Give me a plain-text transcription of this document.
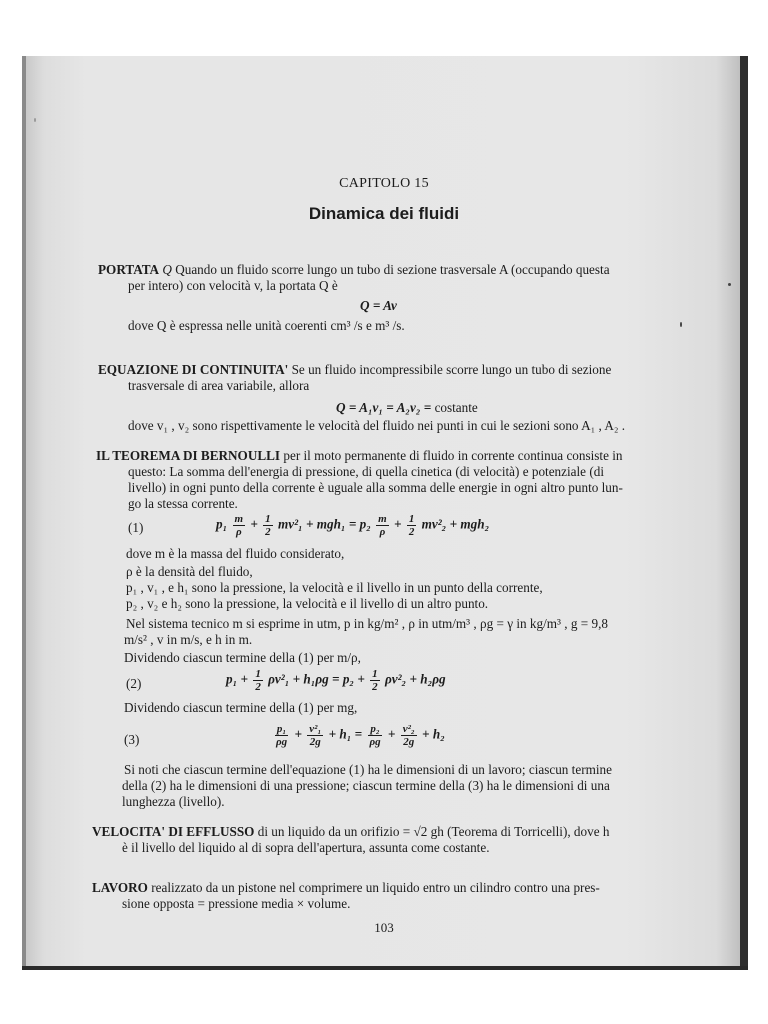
CAPITOLO 15
Dinamica dei fluidi
PORTATA Q Quando un fluido scorre lungo un tubo di sezione trasversale A (occupando questa
per intero) con velocità v, la portata Q è
Q = Av
dove Q è espressa nelle unità coerenti cm³ /s e m³ /s.
EQUAZIONE DI CONTINUITA' Se un fluido incompressibile scorre lungo un tubo di sezione
trasversale di area variabile, allora
Q = A₁v₁ = A₂v₂ = costante
dove v₁ , v₂ sono rispettivamente le velocità del fluido nei punti in cui le sezioni sono A₁ , A₂ .
IL TEOREMA DI BERNOULLI per il moto permanente di fluido in corrente continua consiste in
questo: La somma dell'energia di pressione, di quella cinetica (di velocità) e potenziale (di
livello) in ogni punto della corrente è uguale alla somma delle energie in ogni altro punto lun-
go la stessa corrente.
(1)	$p_1 \frac{m}{\rho} + \frac{1}{2} mv^2_1 + mgh_1 = p_2 \frac{m}{\rho} + \frac{1}{2} mv^2_2 + mgh_2$
dove m è la massa del fluido considerato,
ρ è la densità del fluido,
p₁ , v₁ , e h₁ sono la pressione, la velocità e il livello in un punto della corrente,
p₂ , v₂ e h₂ sono la pressione, la velocità e il livello di un altro punto.
Nel sistema tecnico m si esprime in utm, p in kg/m² , ρ in utm/m³ , ρg = γ in kg/m³ , g = 9,8
m/s² , v in m/s, e h in m.
Dividendo ciascun termine della (1) per m/ρ,
(2)	$p_1 + \frac{1}{2} \rho v^2_1 + h_1\rho g = p_2 + \frac{1}{2} \rho v^2_2 + h_2\rho g$
Dividendo ciascun termine della (1) per mg,
(3)	$\frac{\text{p₁}}{\rho g} + \frac{\text{v²₁}}{2g} + h_1 = \frac{\text{p₂}}{\rho g} + \frac{\text{v²₂}}{2g} + h_2$
Si noti che ciascun termine dell'equazione (1) ha le dimensioni di un lavoro; ciascun termine
della (2) ha le dimensioni di una pressione; ciascun termine della (3) ha le dimensioni di una
lunghezza (livello).
VELOCITA' DI EFFLUSSO di un liquido da un orifizio = √2 gh (Teorema di Torricelli), dove h
è il livello del liquido al di sopra dell'apertura, assunta come costante.
LAVORO realizzato da un pistone nel comprimere un liquido entro un cilindro contro una pres-
sione opposta = pressione media × volume.
103
